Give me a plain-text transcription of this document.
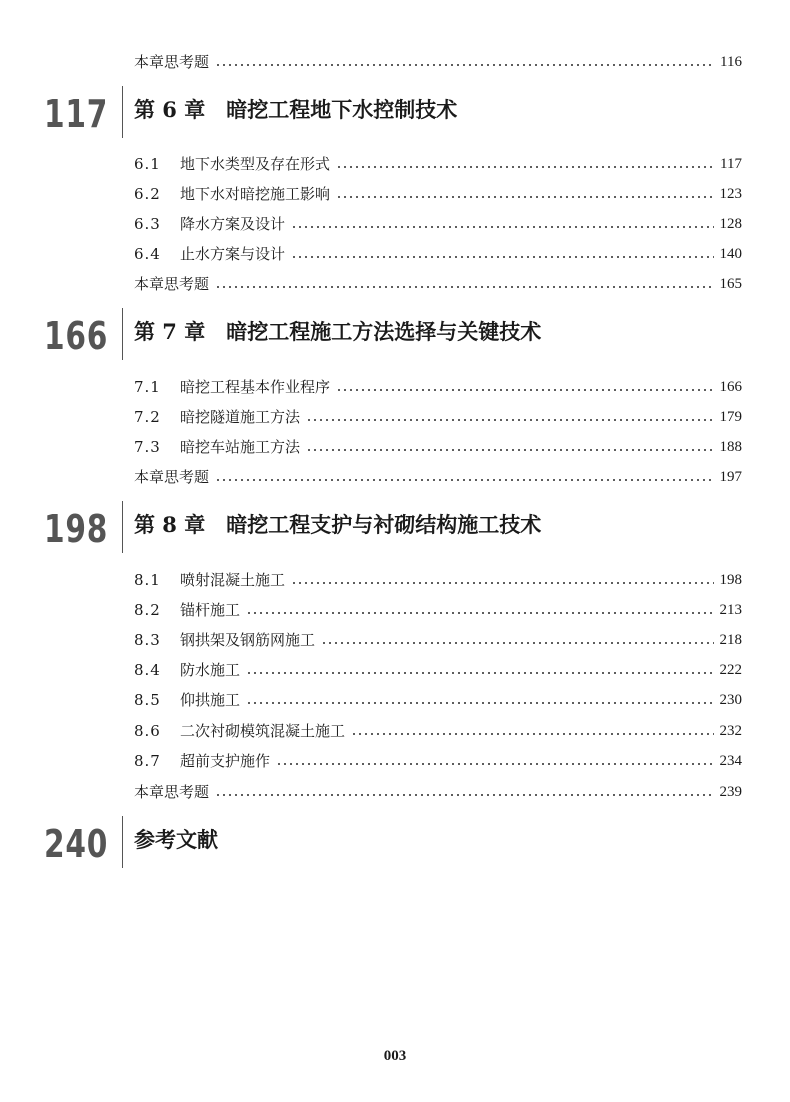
本章思考题	116
117 第 6 章　暗挖工程地下水控制技术
6.1	地下水类型及存在形式	117
6.2	地下水对暗挖施工影响	123
6.3	降水方案及设计	128
6.4	止水方案与设计	140
本章思考题	165
166 第 7 章　暗挖工程施工方法选择与关键技术
7.1	暗挖工程基本作业程序	166
7.2	暗挖隧道施工方法	179
7.3	暗挖车站施工方法	188
本章思考题	197
198 第 8 章　暗挖工程支护与衬砌结构施工技术
8.1	喷射混凝土施工	198
8.2	锚杆施工	213
8.3	钢拱架及钢筋网施工	218
8.4	防水施工	222
8.5	仰拱施工	230
8.6	二次衬砌模筑混凝土施工	232
8.7	超前支护施作	234
本章思考题	239
240 参考文献
003
